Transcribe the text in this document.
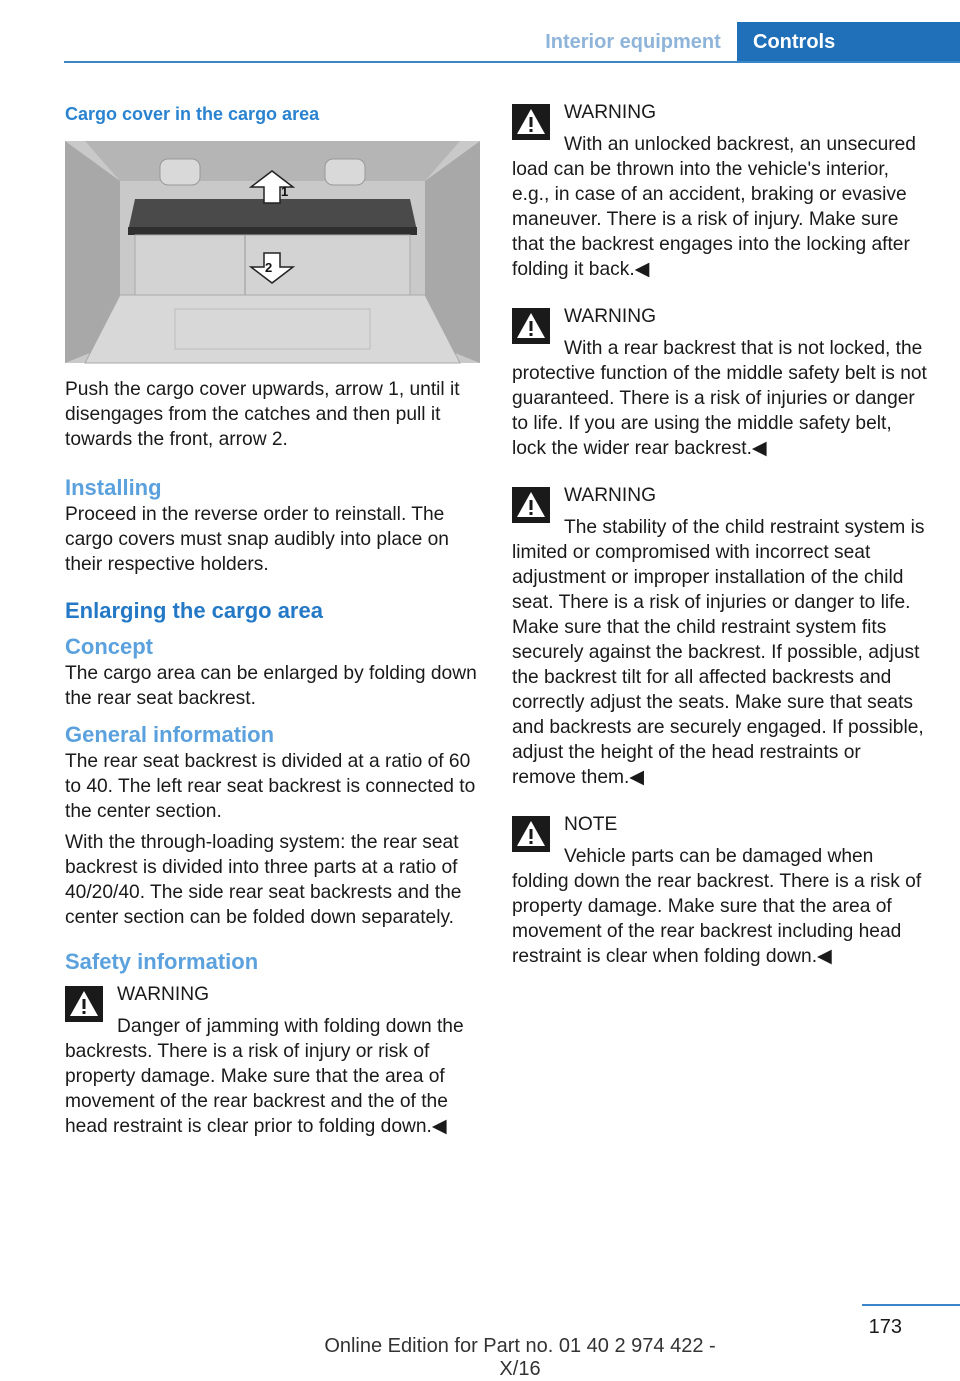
Interior equipment	Controls
Cargo cover in the cargo area
1
2

Push the cargo cover upwards, arrow 1, until it disengages from the catches and then pull it towards the front, arrow 2.

Installing

Proceed in the reverse order to reinstall. The cargo covers must snap audibly into place on their respective holders.

Enlarging the cargo area
Concept

The cargo area can be enlarged by folding down the rear seat backrest.

General information

The rear seat backrest is divided at a ratio of 60 to 40. The left rear seat backrest is connected to the center section.

With the through-loading system: the rear seat backrest is divided into three parts at a ratio of 40/20/40. The side rear seat backrests and the center section can be folded down separately.

Safety information
WARNING

Danger of jamming with folding down the backrests. There is a risk of injury or risk of property damage. Make sure that the area of movement of the rear backrest and the of the head restraint is clear prior to folding down.◀

WARNING

With an unlocked backrest, an unsecured load can be thrown into the vehicle's interior, e.g., in case of an accident, braking or evasive maneuver. There is a risk of injury. Make sure that the backrest engages into the locking after folding it back.◀

WARNING

With a rear backrest that is not locked, the protective function of the middle safety belt is not guaranteed. There is a risk of injuries or danger to life. If you are using the middle safety belt, lock the wider rear backrest.◀

WARNING

The stability of the child restraint system is limited or compromised with incorrect seat adjustment or improper installation of the child seat. There is a risk of injuries or danger to life. Make sure that the child restraint system fits securely against the backrest. If possible, adjust the backrest tilt for all affected backrests and correctly adjust the seats. Make sure that seats and backrests are securely engaged. If possible, adjust the height of the head restraints or remove them.◀

NOTE

Vehicle parts can be damaged when folding down the rear backrest. There is a risk of property damage. Make sure that the area of movement of the rear backrest including head restraint is clear when folding down.◀

173
Online Edition for Part no. 01 40 2 974 422 - X/16
